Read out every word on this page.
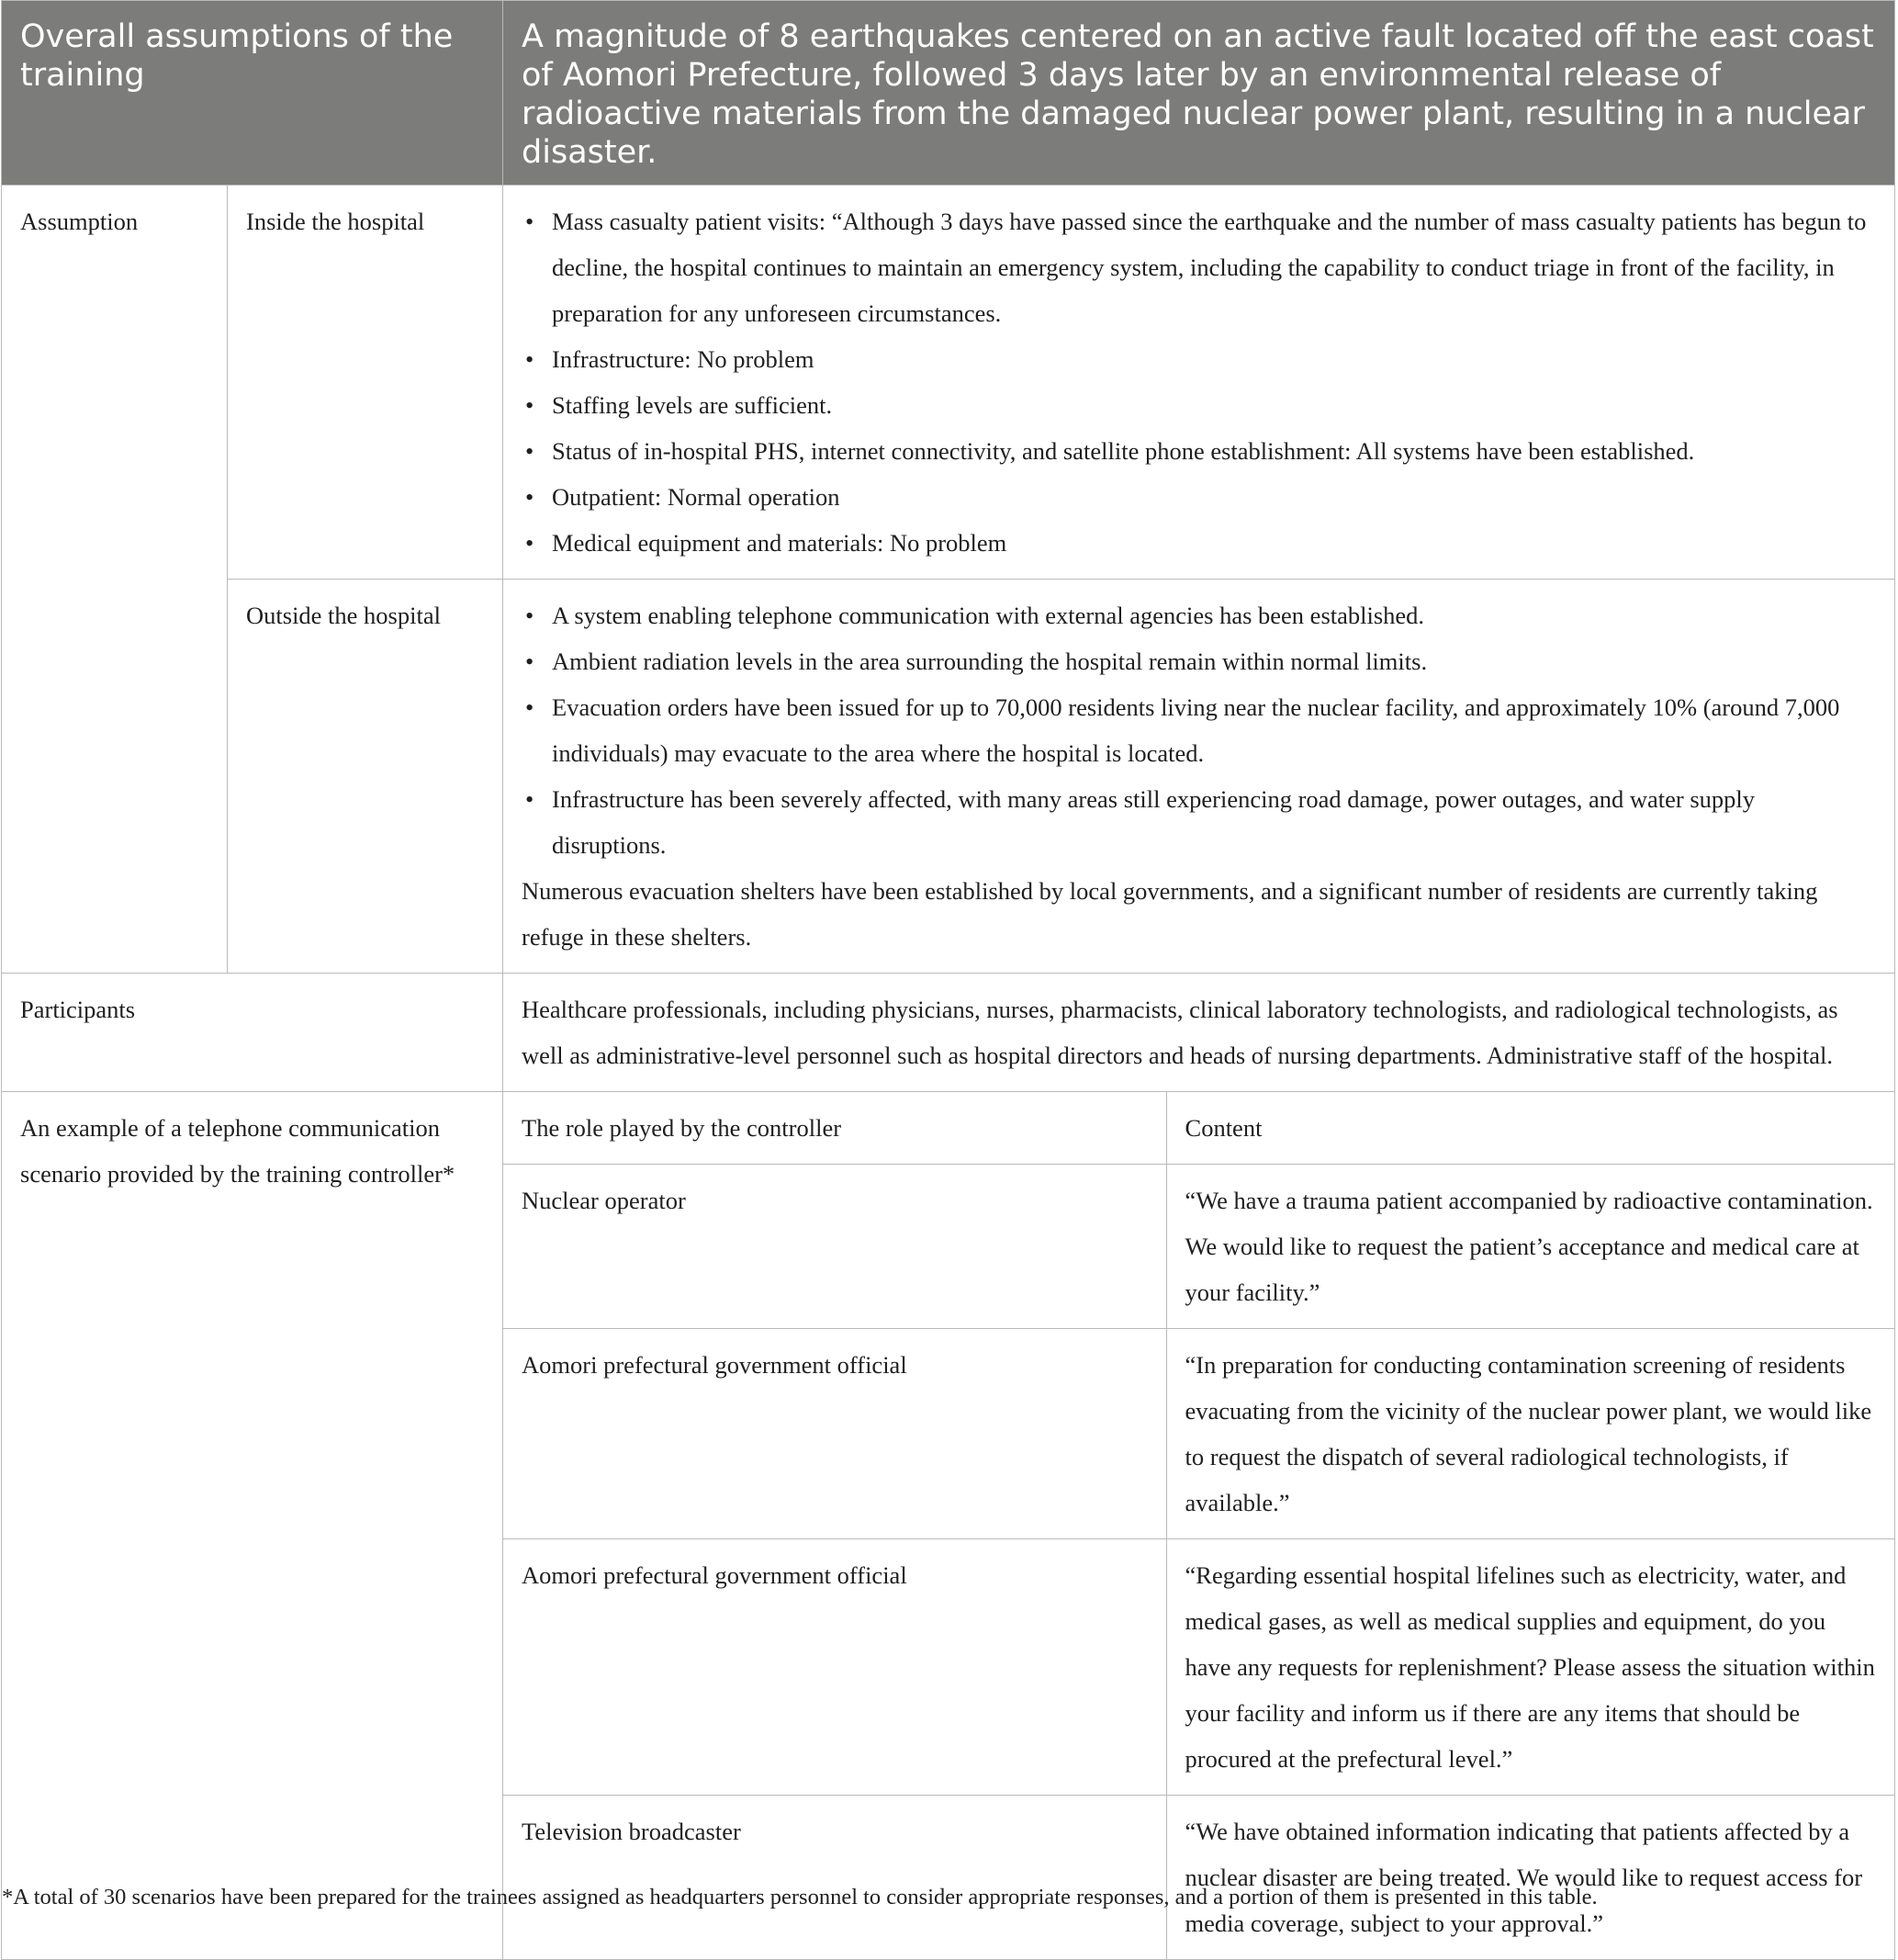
Overall assumptions of the training	A magnitude of 8 earthquakes centered on an active fault located off the east coast of Aomori Prefecture, followed 3 days later by an environmental release of radioactive materials from the damaged nuclear power plant, resulting in a nuclear disaster.
Assumption	Inside the hospital	• Mass casualty patient visits: “Although 3 days have passed since the earthquake and the number of mass casualty patients has begun to decline, the hospital continues to maintain an emergency system, including the capability to conduct triage in front of the facility, in preparation for any unforeseen circumstances.
• Infrastructure: No problem
• Staffing levels are sufficient.
• Status of in-hospital PHS, internet connectivity, and satellite phone establishment: All systems have been established.
• Outpatient: Normal operation
• Medical equipment and materials: No problem

Outside the hospital	• A system enabling telephone communication with external agencies has been established.
• Ambient radiation levels in the area surrounding the hospital remain within normal limits.
• Evacuation orders have been issued for up to 70,000 residents living near the nuclear facility, and approximately 10% (around 7,000 individuals) may evacuate to the area where the hospital is located.
• Infrastructure has been severely affected, with many areas still experiencing road damage, power outages, and water supply disruptions.
Numerous evacuation shelters have been established by local governments, and a significant number of residents are currently taking refuge in these shelters.

Participants	Healthcare professionals, including physicians, nurses, pharmacists, clinical laboratory technologists, and radiological technologists, as well as administrative-level personnel such as hospital directors and heads of nursing departments. Administrative staff of the hospital.
An example of a telephone communication scenario provided by the training controller*	
The role played by the controller	Content
Nuclear operator	“We have a trauma patient accompanied by radioactive contamination. We would like to request the patient’s acceptance and medical care at your facility.”
Aomori prefectural government official	“In preparation for conducting contamination screening of residents evacuating from the vicinity of the nuclear power plant, we would like to request the dispatch of several radiological technologists, if available.”
Aomori prefectural government official	“Regarding essential hospital lifelines such as electricity, water, and medical gases, as well as medical supplies and equipment, do you have any requests for replenishment? Please assess the situation within your facility and inform us if there are any items that should be procured at the prefectural level.”
Television broadcaster	“We have obtained information indicating that patients affected by a nuclear disaster are being treated. We would like to request access for media coverage, subject to your approval.”
*A total of 30 scenarios have been prepared for the trainees assigned as headquarters personnel to consider appropriate responses, and a portion of them is presented in this table.
